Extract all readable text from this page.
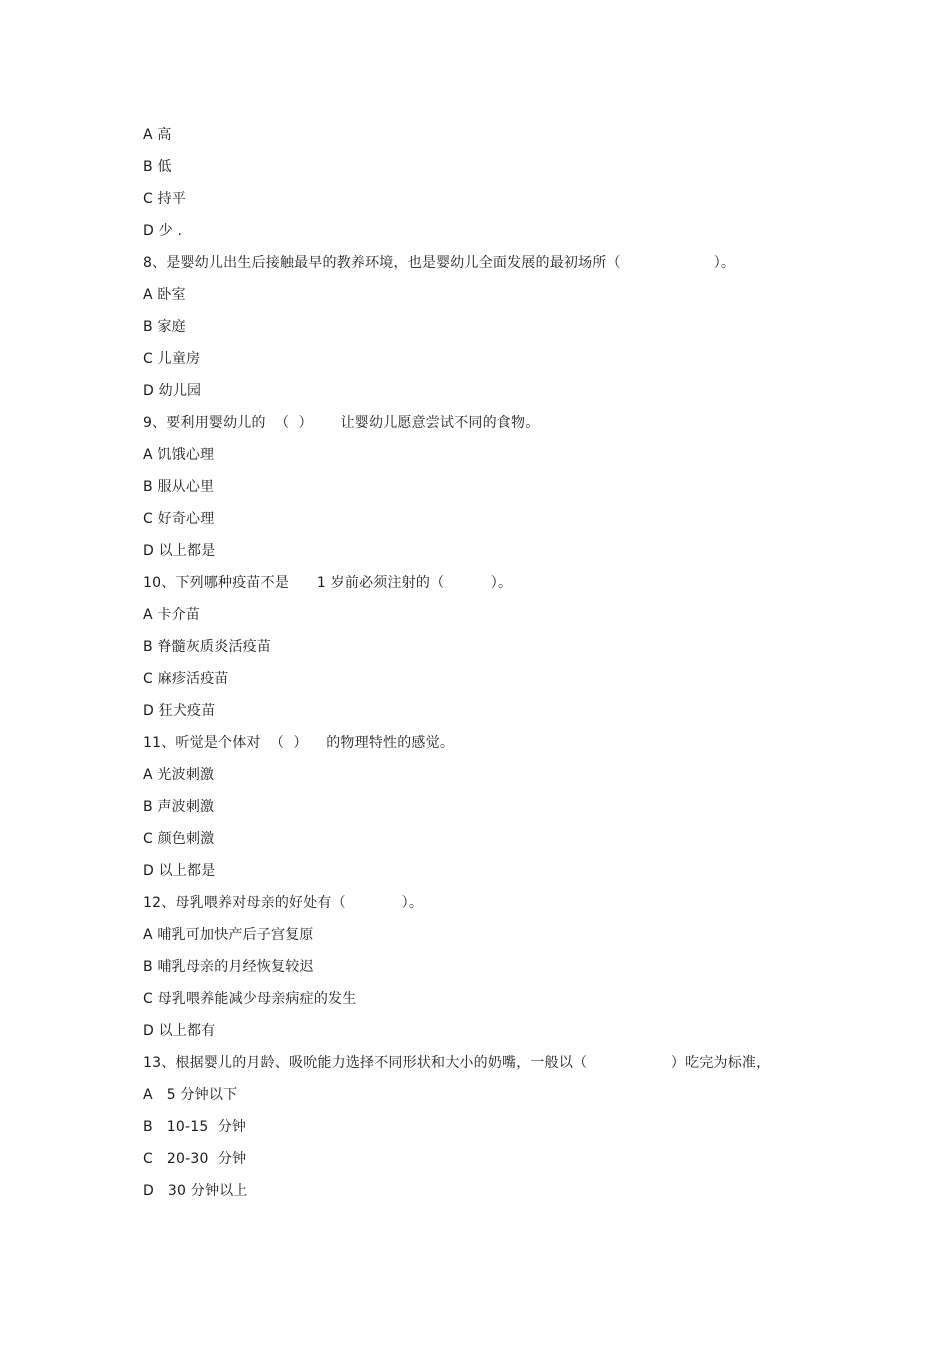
A 高
B 低
C 持平
D 少 .
8、是婴幼儿出生后接触最早的教养环境，也是婴幼儿全面发展的最初场所（                    ）。
A 卧室
B 家庭
C 儿童房
D 幼儿园
9、要利用婴幼儿的  （  ）      让婴幼儿愿意尝试不同的食物。
A 饥饿心理
B 服从心里
C 好奇心理
D 以上都是
10、下列哪种疫苗不是      1 岁前必须注射的（          ）。
A 卡介苗
B 脊髓灰质炎活疫苗
C 麻疹活疫苗
D 狂犬疫苗
11、听觉是个体对  （  ）    的物理特性的感觉。
A 光波刺激
B 声波刺激
C 颜色刺激
D 以上都是
12、母乳喂养对母亲的好处有（            ）。
A 哺乳可加快产后子宫复原
B 哺乳母亲的月经恢复较迟
C 母乳喂养能减少母亲病症的发生
D 以上都有
13、根据婴儿的月龄、吸吮能力选择不同形状和大小的奶嘴，一般以（                  ）吃完为标准，
A   5 分钟以下
B   10-15  分钟
C   20-30  分钟
D   30 分钟以上
